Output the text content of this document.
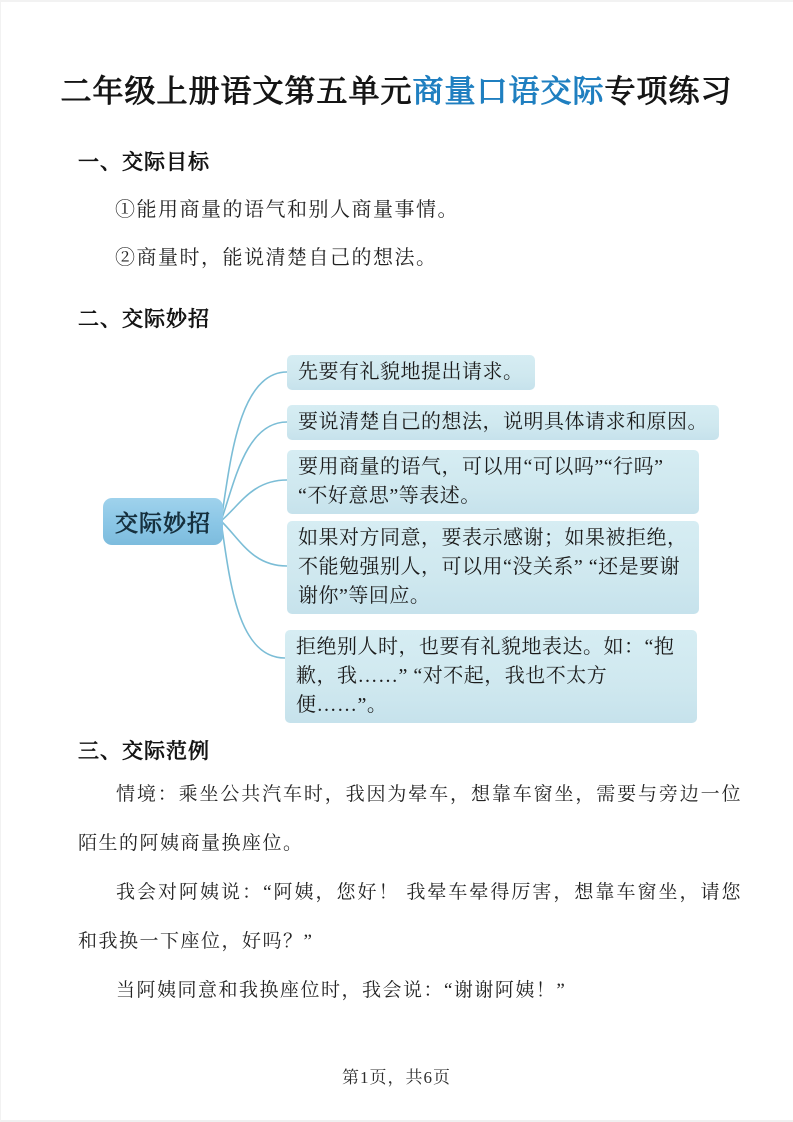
二年级上册语文第五单元商量口语交际专项练习
一、交际目标
①能用商量的语气和别人商量事情。
②商量时，能说清楚自己的想法。
二、交际妙招
交际妙招
先要有礼貌地提出请求。
要说清楚自己的想法，说明具体请求和原因。
要用商量的语气，可以用“可以吗”“行吗” “不好意思”等表述。
如果对方同意，要表示感谢；如果被拒绝，不能勉强别人，可以用“没关系” “还是要谢谢你”等回应。
拒绝别人时，也要有礼貌地表达。如：“抱歉，我……” “对不起，我也不太方便……”。
三、交际范例

情境：乘坐公共汽车时，我因为晕车，想靠车窗坐，需要与旁边一位陌生的阿姨商量换座位。

我会对阿姨说：“阿姨，您好！ 我晕车晕得厉害，想靠车窗坐，请您和我换一下座位，好吗？”

当阿姨同意和我换座位时，我会说：“谢谢阿姨！”

第1页，共6页
